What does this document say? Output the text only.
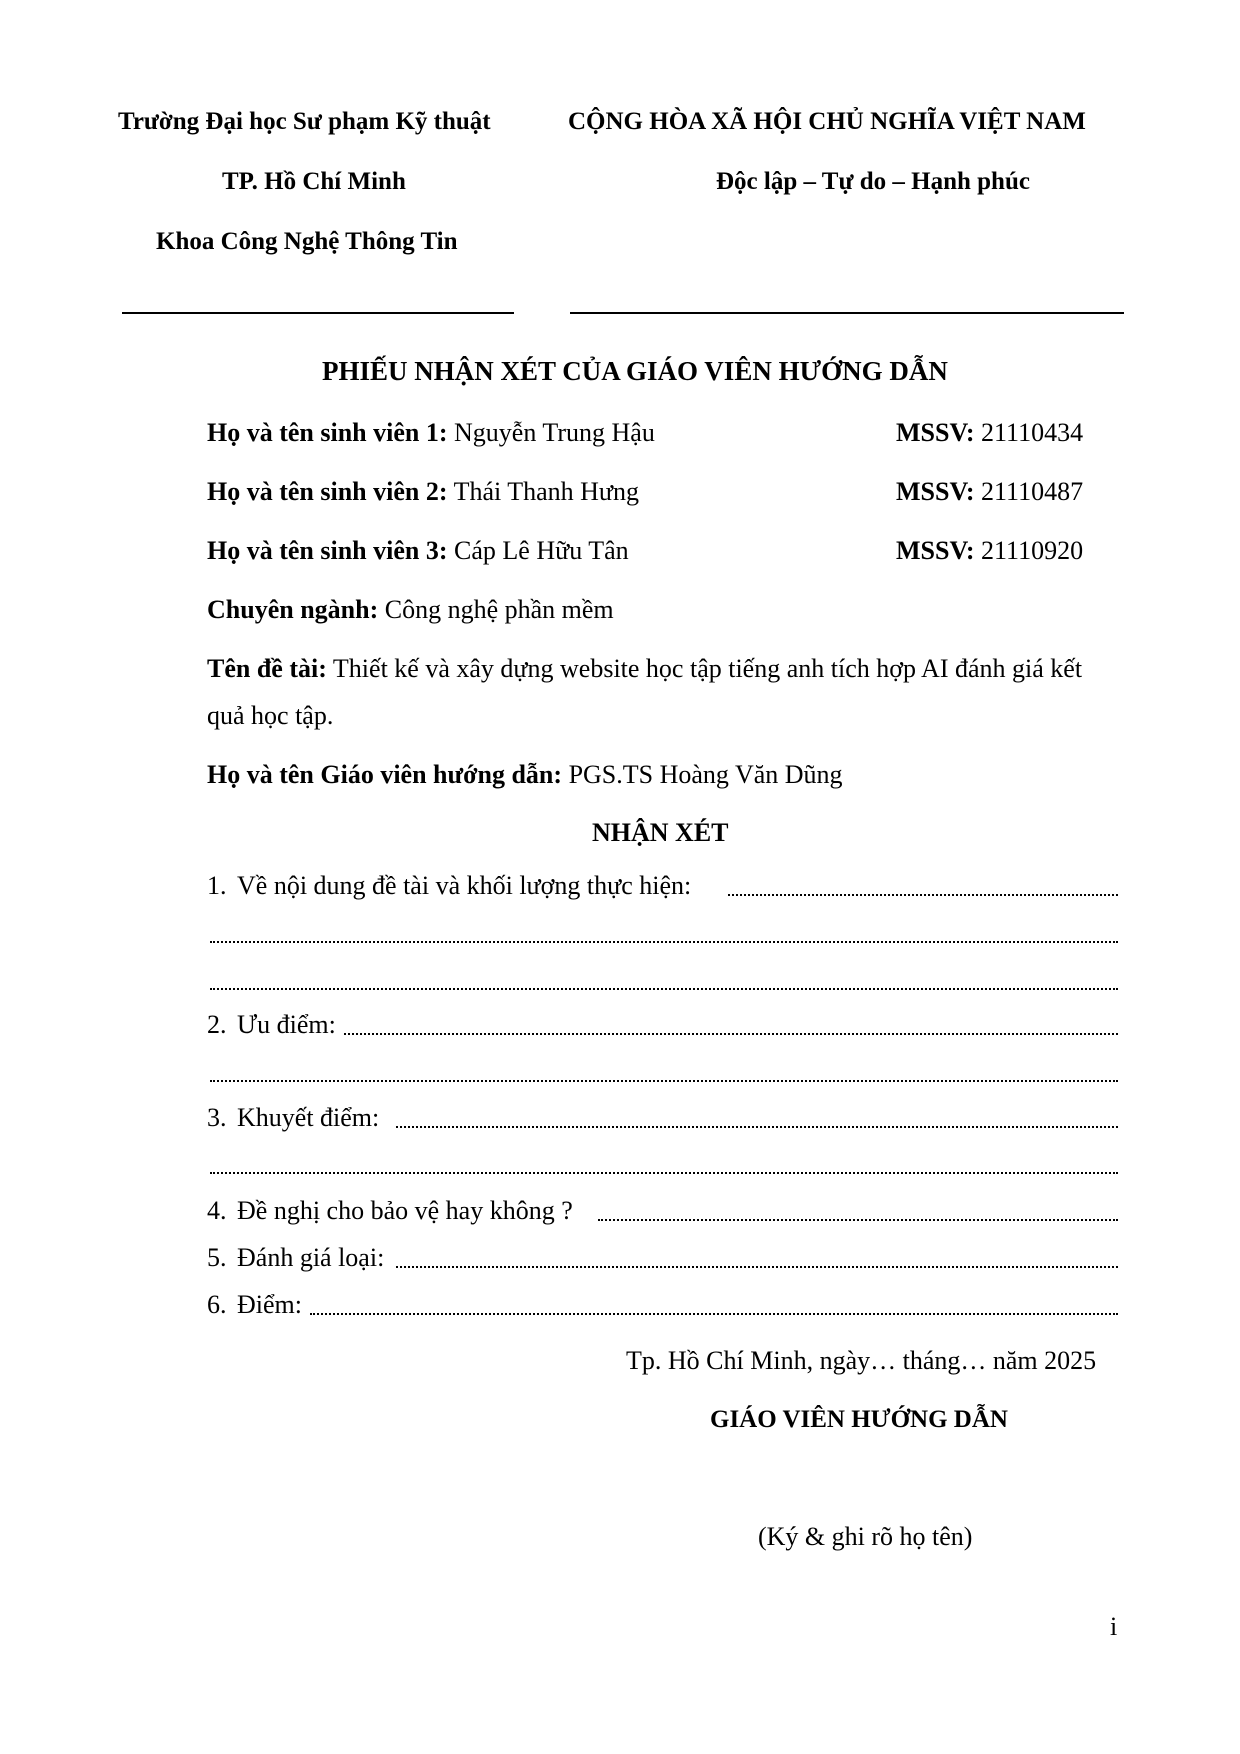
Trường Đại học Sư phạm Kỹ thuật
TP. Hồ Chí Minh
Khoa Công Nghệ Thông Tin
CỘNG HÒA XÃ HỘI CHỦ NGHĨA VIỆT NAM
Độc lập – Tự do – Hạnh phúc
PHIẾU NHẬN XÉT CỦA GIÁO VIÊN HƯỚNG DẪN
Họ và tên sinh viên 1: Nguyễn Trung Hậu	MSSV: 21110434
Họ và tên sinh viên 2: Thái Thanh Hưng	MSSV: 21110487
Họ và tên sinh viên 3: Cáp Lê Hữu Tân	MSSV: 21110920
Chuyên ngành: Công nghệ phần mềm
Tên đề tài: Thiết kế và xây dựng website học tập tiếng anh tích hợp AI đánh giá kết
quả học tập.
Họ và tên Giáo viên hướng dẫn: PGS.TS Hoàng Văn Dũng
NHẬN XÉT
1. Về nội dung đề tài và khối lượng thực hiện:
2. Ưu điểm:
3. Khuyết điểm:
4. Đề nghị cho bảo vệ hay không ?
5. Đánh giá loại:
6. Điểm:
Tp. Hồ Chí Minh, ngày… tháng… năm 2025
GIÁO VIÊN HƯỚNG DẪN
(Ký & ghi rõ họ tên)
i
